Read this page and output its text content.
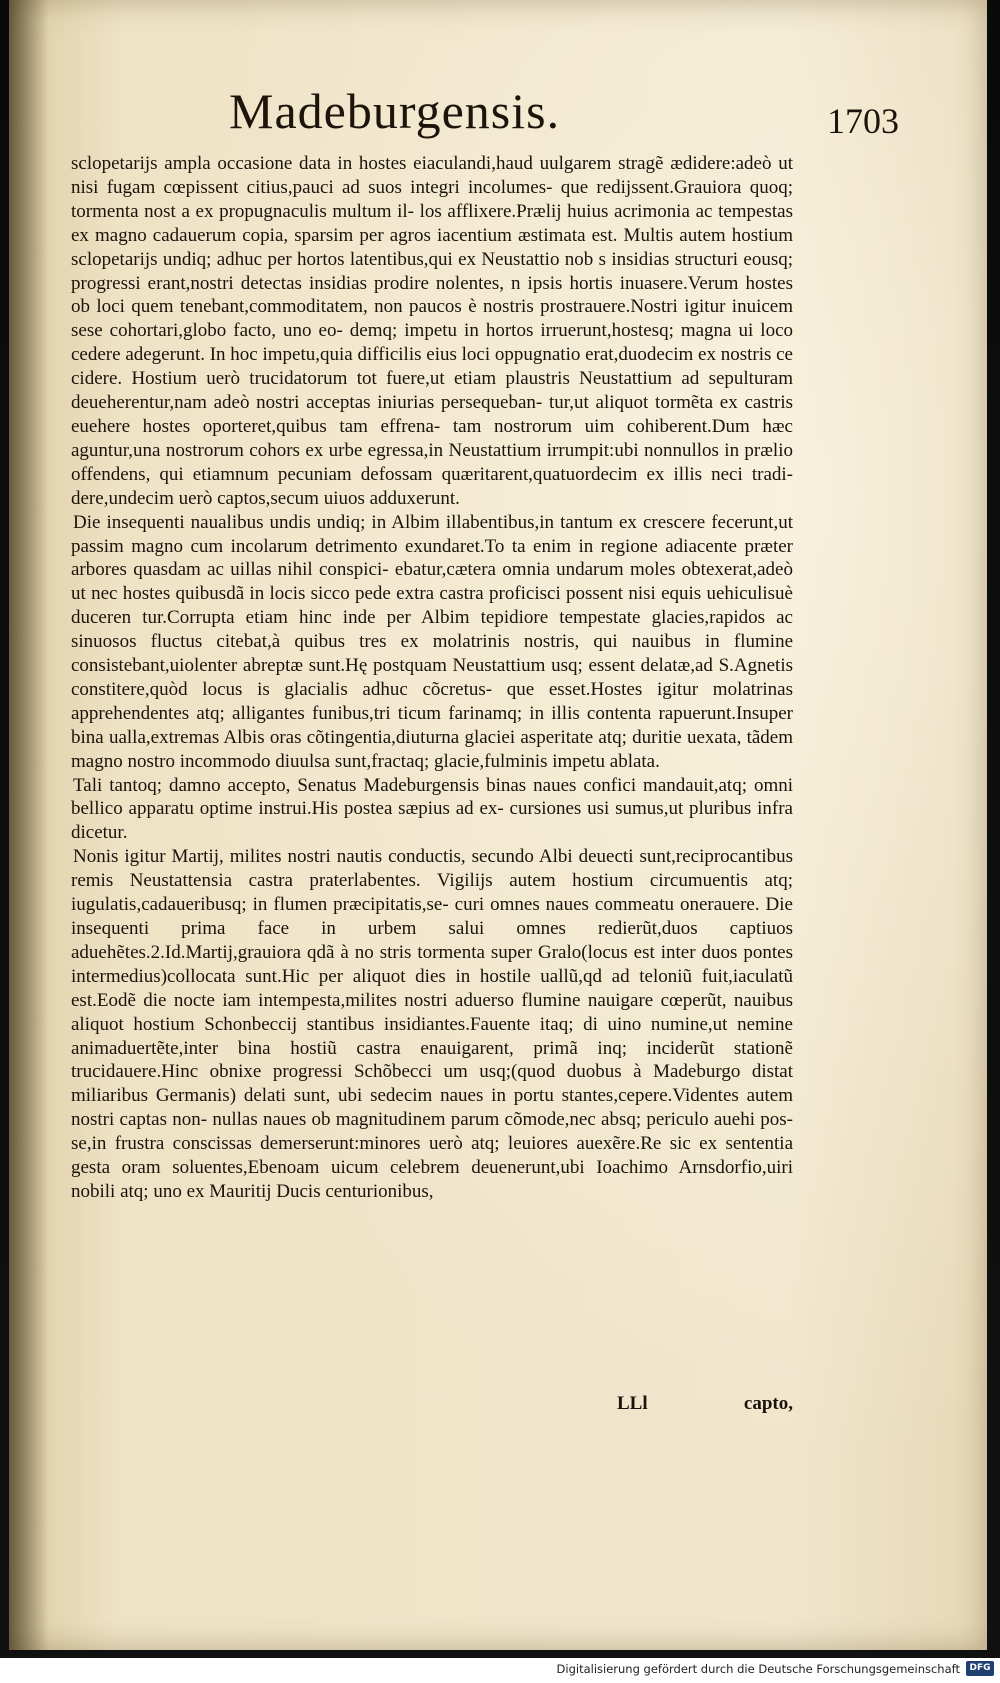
Madeburgensis.	1703

sclopetarijs ampla occasione data in hostes eiaculandi,haud uulgarem stragẽ ædidere:adeò ut nisi fugam cœpissent citius,pauci ad suos integri incolumes- que redijssent.Grauiora quoq; tormenta nost a ex propugnaculis multum il- los afflixere.Prælij huius acrimonia ac tempestas ex magno cadauerum copia, sparsim per agros iacentium æstimata est. Multis autem hostium sclopetarijs undiq; adhuc per hortos latentibus,qui ex Neustattio nob s insidias structuri eousq; progressi erant,nostri detectas insidias prodire nolentes, n ipsis hortis inuasere.Verum hostes ob loci quem tenebant,commoditatem, non paucos è nostris prostrauere.Nostri igitur inuicem sese cohortari,globo facto, uno eo- demq; impetu in hortos irruerunt,hostesq; magna ui loco cedere adegerunt. In hoc impetu,quia difficilis eius loci oppugnatio erat,duodecim ex nostris ce cidere. Hostium uerò trucidatorum tot fuere,ut etiam plaustris Neustattium ad sepulturam deueherentur,nam adeò nostri acceptas iniurias persequeban- tur,ut aliquot tormẽta ex castris euehere hostes oporteret,quibus tam effrena- tam nostrorum uim cohiberent.Dum hæc aguntur,una nostrorum cohors ex urbe egressa,in Neustattium irrumpit:ubi nonnullos in prælio offendens, qui etiamnum pecuniam defossam quæritarent,quatuordecim ex illis neci tradi- dere,undecim uerò captos,secum uiuos adduxerunt.

Die insequenti naualibus undis undiq; in Albim illabentibus,in tantum ex crescere fecerunt,ut passim magno cum incolarum detrimento exundaret.To ta enim in regione adiacente præter arbores quasdam ac uillas nihil conspici- ebatur,cætera omnia undarum moles obtexerat,adeò ut nec hostes quibusdã in locis sicco pede extra castra proficisci possent nisi equis uehiculisuè duceren tur.Corrupta etiam hinc inde per Albim tepidiore tempestate glacies,rapidos ac sinuosos fluctus citebat,à quibus tres ex molatrinis nostris, qui nauibus in flumine consistebant,uiolenter abreptæ sunt.Hę postquam Neustattium usq; essent delatæ,ad S.Agnetis constitere,quòd locus is glacialis adhuc cõcretus- que esset.Hostes igitur molatrinas apprehendentes atq; alligantes funibus,tri ticum farinamq; in illis contenta rapuerunt.Insuper bina ualla,extremas Albis oras cõtingentia,diuturna glaciei asperitate atq; duritie uexata, tãdem magno nostro incommodo diuulsa sunt,fractaq; glacie,fulminis impetu ablata.

Tali tantoq; damno accepto, Senatus Madeburgensis binas naues confici mandauit,atq; omni bellico apparatu optime instrui.His postea sæpius ad ex- cursiones usi sumus,ut pluribus infra dicetur.

Nonis igitur Martij, milites nostri nautis conductis, secundo Albi deuecti sunt,reciprocantibus remis Neustattensia castra praterlabentes. Vigilijs autem hostium circumuentis atq; iugulatis,cadaueribusq; in flumen præcipitatis,se- curi omnes naues commeatu onerauere. Die insequenti prima face in urbem salui omnes redierũt,duos captiuos aduehẽtes.2.Id.Martij,grauiora qdã à no stris tormenta super Gralo(locus est inter duos pontes intermedius)collocata sunt.Hic per aliquot dies in hostile uallũ,qd ad teloniũ fuit,iaculatũ est.Eodẽ die nocte iam intempesta,milites nostri aduerso flumine nauigare cœperũt, nauibus aliquot hostium Schonbeccij stantibus insidiantes.Fauente itaq; di uino numine,ut nemine animaduertẽte,inter bina hostiũ castra enauigarent, primã inq; inciderũt stationẽ trucidauere.Hinc obnixe progressi Schõbecci um usq;(quod duobus à Madeburgo distat miliaribus Germanis) delati sunt, ubi sedecim naues in portu stantes,cepere.Videntes autem nostri captas non- nullas naues ob magnitudinem parum cõmode,nec absq; periculo auehi pos- se,in frustra conscissas demerserunt:minores uerò atq; leuiores auexẽre.Re sic ex sententia gesta oram soluentes,Ebenoam uicum celebrem deuenerunt,ubi Ioachimo Arnsdorfio,uiri nobili atq; uno ex Mauritij Ducis centurionibus,

LLl	capto,
Digitalisierung gefördert durch die Deutsche Forschungsgemeinschaft	DFG
